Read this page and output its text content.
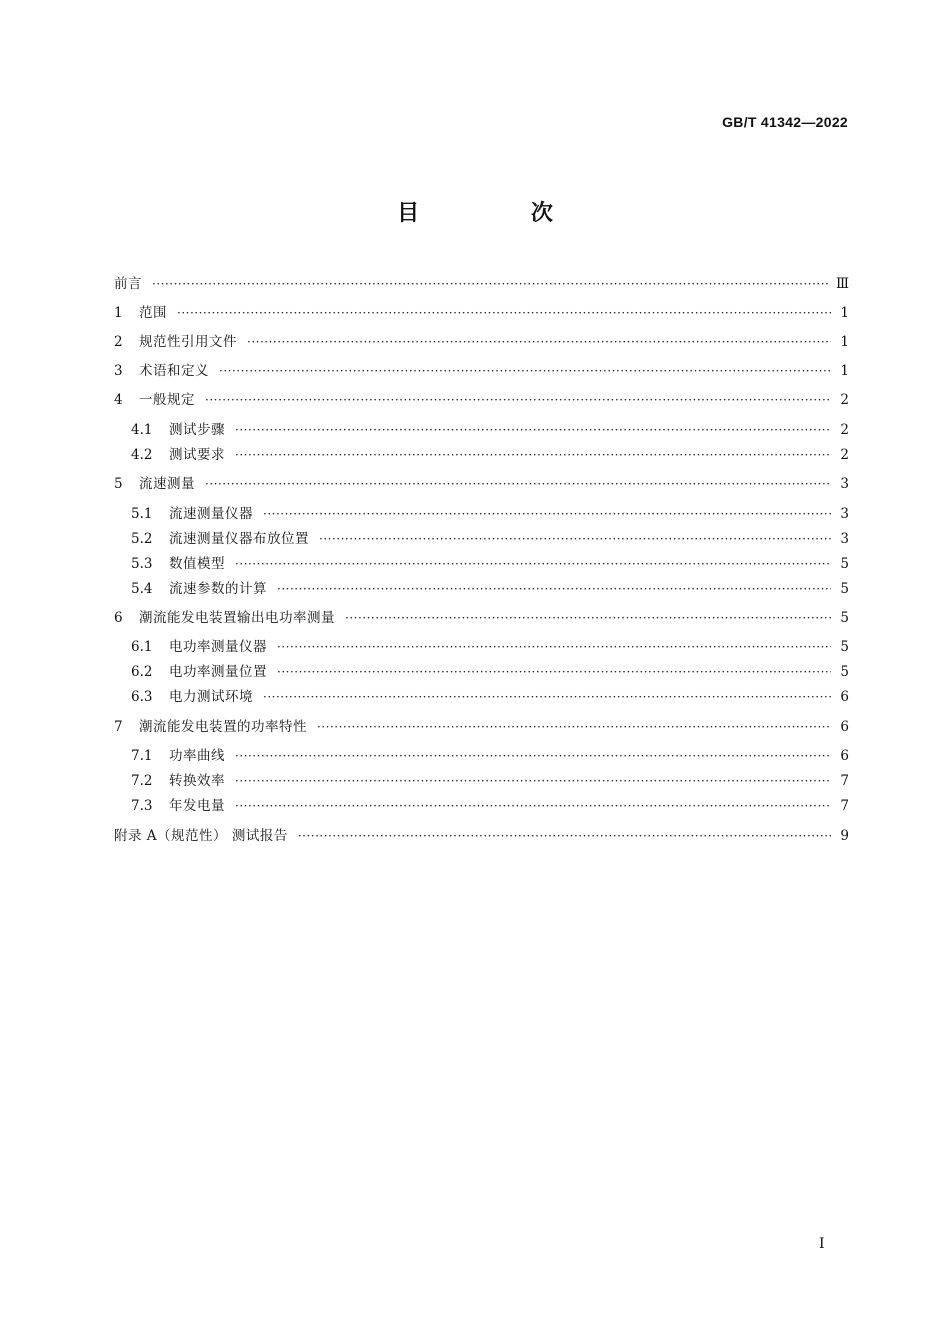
GB/T 41342—2022
目 次
前言 ·····	Ⅲ
1	范围 ·····	1
2	规范性引用文件 ·····	1
3	术语和定义 ·····	1
4	一般规定 ·····	2
4.1	测试步骤 ·····	2
4.2	测试要求 ·····	2
5	流速测量 ·····	3
5.1	流速测量仪器 ·····	3
5.2	流速测量仪器布放位置 ·····	3
5.3	数值模型 ·····	5
5.4	流速参数的计算 ·····	5
6	潮流能发电装置输出电功率测量 ·····	5
6.1	电功率测量仪器 ·····	5
6.2	电功率测量位置 ·····	5
6.3	电力测试环境 ·····	6
7	潮流能发电装置的功率特性 ·····	6
7.1	功率曲线 ·····	6
7.2	转换效率 ·····	7
7.3	年发电量 ·····	7
附录 A（规范性） 测试报告 ·····	9
I
